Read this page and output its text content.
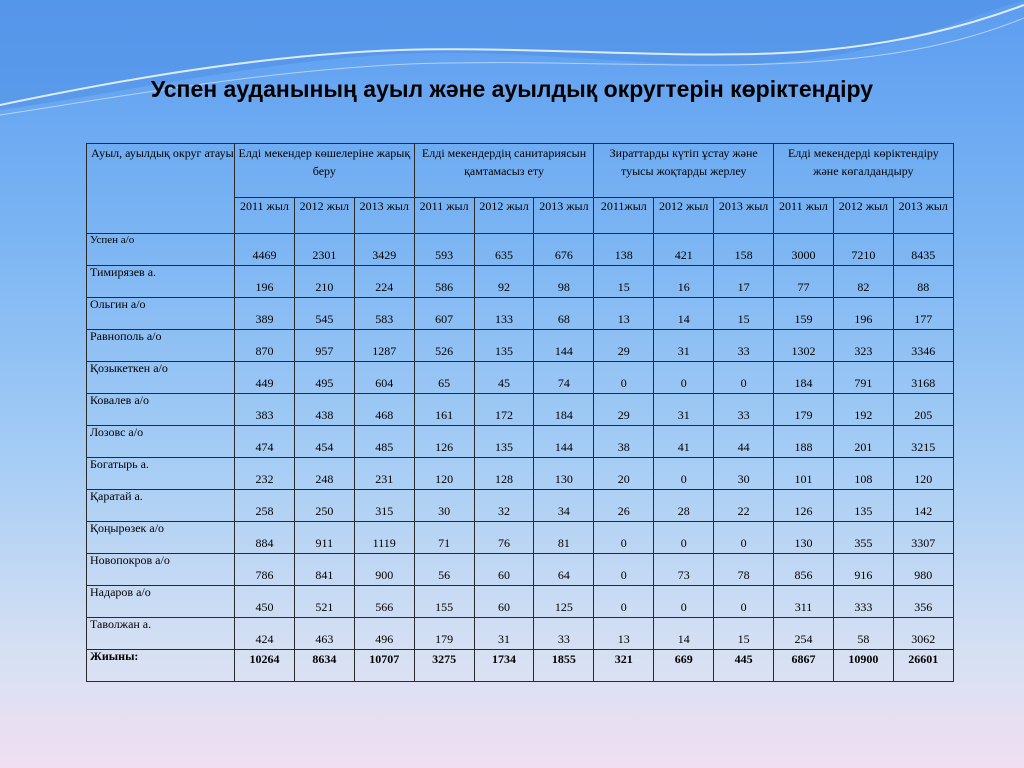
Успен ауданының ауыл және ауылдық округтерін көріктендіру
Ауыл, ауылдық округ атауы	Елді мекендер көшелеріне жарық беру			Елді мекендердің санитариясын қамтамасыз ету			Зираттарды күтіп ұстау және туысы жоқтарды жерлеу			Елді мекендерді көріктендіру және көгалдандыру		
	2011 жыл	2012 жыл	2013 жыл	2011 жыл	2012 жыл	2013 жыл	2011жыл	2012 жыл	2013 жыл	2011 жыл	2012 жыл	2013 жыл
Успен а/о	4469	2301	3429	593	635	676	138	421	158	3000	7210	8435
Тимирязев а.	196	210	224	586	92	98	15	16	17	77	82	88
Ольгин а/о	389	545	583	607	133	68	13	14	15	159	196	177
Равнополь а/о	870	957	1287	526	135	144	29	31	33	1302	323	3346
Қозыкеткен а/о	449	495	604	65	45	74	0	0	0	184	791	3168
Ковалев а/о	383	438	468	161	172	184	29	31	33	179	192	205
Лозовс а/о	474	454	485	126	135	144	38	41	44	188	201	3215
Богатырь а.	232	248	231	120	128	130	20	0	30	101	108	120
Қаратай а.	258	250	315	30	32	34	26	28	22	126	135	142
Қоңырөзек а/о	884	911	1119	71	76	81	0	0	0	130	355	3307
Новопокров а/о	786	841	900	56	60	64	0	73	78	856	916	980
Надаров а/о	450	521	566	155	60	125	0	0	0	311	333	356
Таволжан а.	424	463	496	179	31	33	13	14	15	254	58	3062
Жиыны:	10264	8634	10707	3275	1734	1855	321	669	445	6867	10900	26601
